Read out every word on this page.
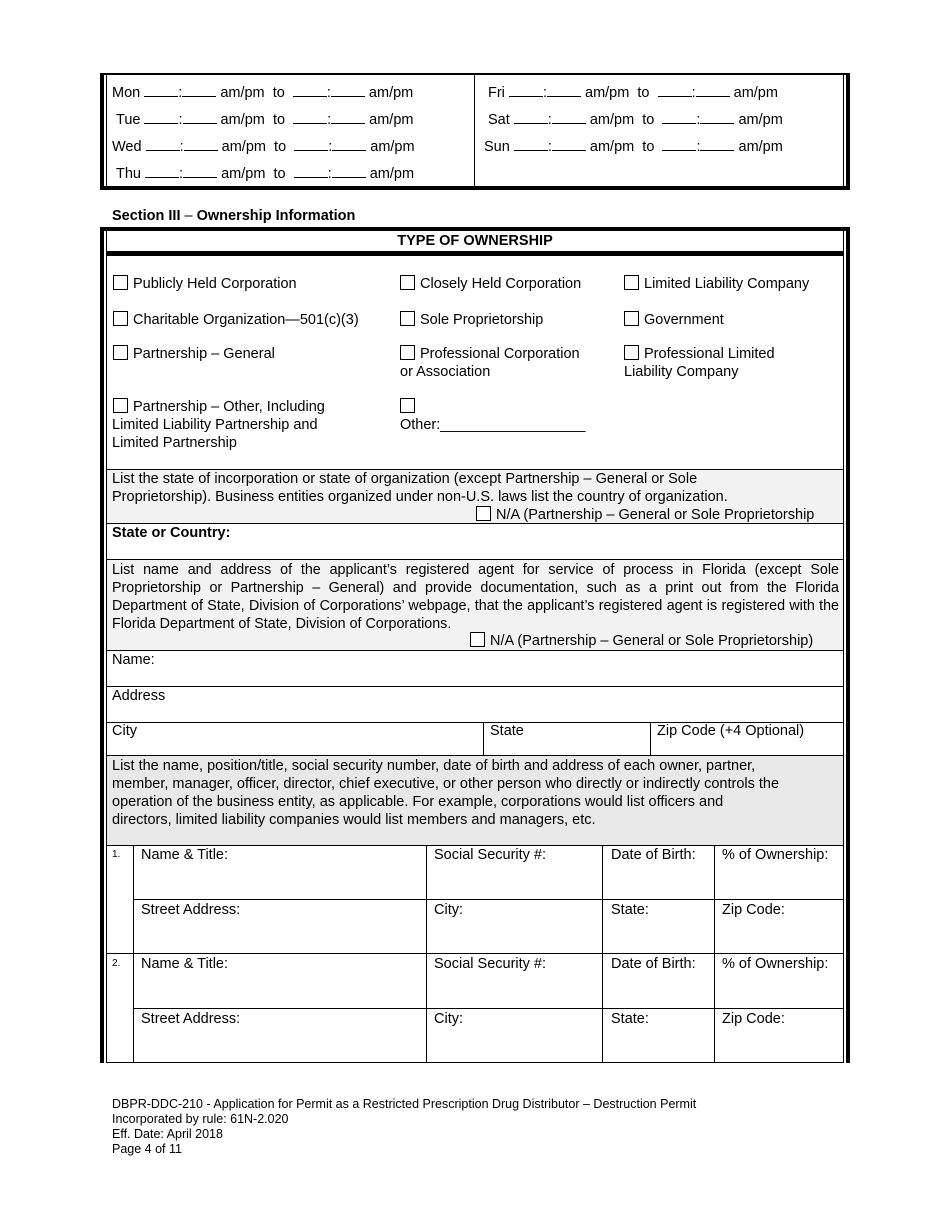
Mon	:	am/pm to	:	am/pm
Tue	:	am/pm to	:	am/pm
Wed	:	am/pm to	:	am/pm
Thu	:	am/pm to	:	am/pm
Fri	:	am/pm to	:	am/pm
Sat	:	am/pm to	:	am/pm
Sun	:	am/pm to	:	am/pm
Section III – Ownership Information
TYPE OF OWNERSHIP
Publicly Held Corporation	Closely Held Corporation	Limited Liability Company
Charitable Organization—501(c)(3)	Sole Proprietorship	Government
Partnership – General	Professional Corporation
or Association
Professional Limited
Liability Company
Partnership – Other, Including
Limited Liability Partnership and
Limited Partnership
Other:__________________
List the state of incorporation or state of organization (except Partnership – General or Sole
Proprietorship). Business entities organized under non-U.S. laws list the country of organization.
N/A (Partnership – General or Sole Proprietorship
State or Country:
List name and address of the applicant’s registered agent for service of process in Florida (except Sole Proprietorship or Partnership – General) and provide documentation, such as a print out from the Florida Department of State, Division of Corporations’ webpage, that the applicant’s registered agent is registered with the Florida Department of State, Division of Corporations.
N/A (Partnership – General or Sole Proprietorship)
Name:
Address
City	State	Zip Code (+4 Optional)
List the name, position/title, social security number, date of birth and address of each owner, partner,
member, manager, officer, director, chief executive, or other person who directly or indirectly controls the
operation of the business entity, as applicable. For example, corporations would list officers and
directors, limited liability companies would list members and managers, etc.
1. Name & Title:	Social Security #:	Date of Birth: % of Ownership:
Street Address:	City:	State:	Zip Code:
2. Name & Title:	Social Security #:	Date of Birth: % of Ownership:
Street Address:	City:	State:	Zip Code:
DBPR-DDC-210 - Application for Permit as a Restricted Prescription Drug Distributor – Destruction Permit
Incorporated by rule: 61N-2.020
Eff. Date: April 2018
Page 4 of 11
